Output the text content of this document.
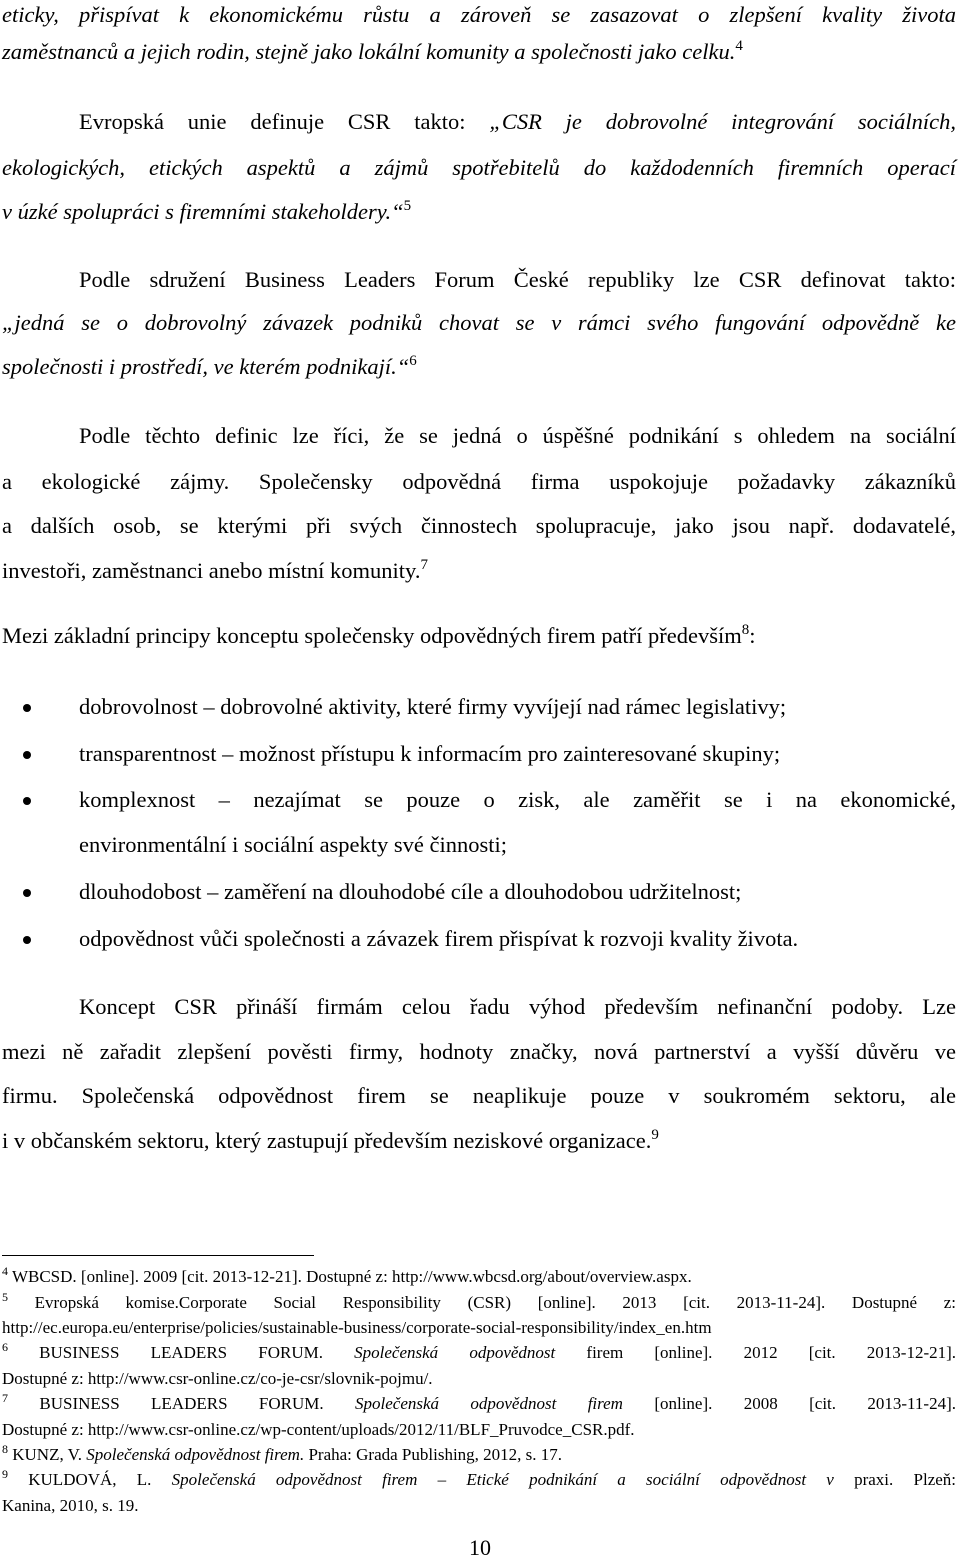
eticky, přispívat k ekonomickému růstu a zároveň se zasazovat o zlepšení kvality života
zaměstnanců a jejich rodin, stejně jako lokální komunity a společnosti jako celku.$^4$
Evropská unie definuje CSR takto: „CSR je dobrovolné integrování sociálních,
ekologických, etických aspektů a zájmů spotřebitelů do každodenních firemních operací
v úzké spolupráci s firemními stakeholdery.“$^5$
Podle sdružení Business Leaders Forum České republiky lze CSR definovat takto:
„jedná se o dobrovolný závazek podniků chovat se v rámci svého fungování odpovědně ke
společnosti i prostředí, ve kterém podnikají.“$^6$
Podle těchto definic lze říci, že se jedná o úspěšné podnikání s ohledem na sociální
a ekologické zájmy. Společensky odpovědná firma uspokojuje požadavky zákazníků
a dalších osob, se kterými při svých činnostech spolupracuje, jako jsou např. dodavatelé,
investoři, zaměstnanci anebo místní komunity.$^7$
Mezi základní principy konceptu společensky odpovědných firem patří především$^8$:
dobrovolnost – dobrovolné aktivity, které firmy vyvíjejí nad rámec legislativy;
transparentnost – možnost přístupu k informacím pro zainteresované skupiny;
komplexnost – nezajímat se pouze o zisk, ale zaměřit se i na ekonomické,
environmentální i sociální aspekty své činnosti;
dlouhodobost – zaměření na dlouhodobé cíle a dlouhodobou udržitelnost;
odpovědnost vůči společnosti a závazek firem přispívat k rozvoji kvality života.
Koncept CSR přináší firmám celou řadu výhod především nefinanční podoby. Lze
mezi ně zařadit zlepšení pověsti firmy, hodnoty značky, nová partnerství a vyšší důvěru ve
firmu. Společenská odpovědnost firem se neaplikuje pouze v soukromém sektoru, ale
i v občanském sektoru, který zastupují především neziskové organizace.$^9$
$^4$ WBCSD. [online]. 2009 [cit. 2013-12-21]. Dostupné z: http://www.wbcsd.org/about/overview.aspx.
$^5$ Evropská komise.Corporate Social Responsibility (CSR) [online]. 2013 [cit. 2013-11-24]. Dostupné z:
http://ec.europa.eu/enterprise/policies/sustainable-business/corporate-social-responsibility/index_en.htm
$^6$ BUSINESS LEADERS FORUM. Společenská odpovědnost firem [online]. 2012 [cit. 2013-12-21].
Dostupné z: http://www.csr-online.cz/co-je-csr/slovnik-pojmu/.
$^7$ BUSINESS LEADERS FORUM. Společenská odpovědnost firem [online]. 2008 [cit. 2013-11-24].
Dostupné z: http://www.csr-online.cz/wp-content/uploads/2012/11/BLF_Pruvodce_CSR.pdf.
$^8$ KUNZ, V. Společenská odpovědnost firem. Praha: Grada Publishing, 2012, s. 17.
$^9$ KULDOVÁ, L. Společenská odpovědnost firem – Etické podnikání a sociální odpovědnost v praxi. Plzeň:
Kanina, 2010, s. 19.
10
